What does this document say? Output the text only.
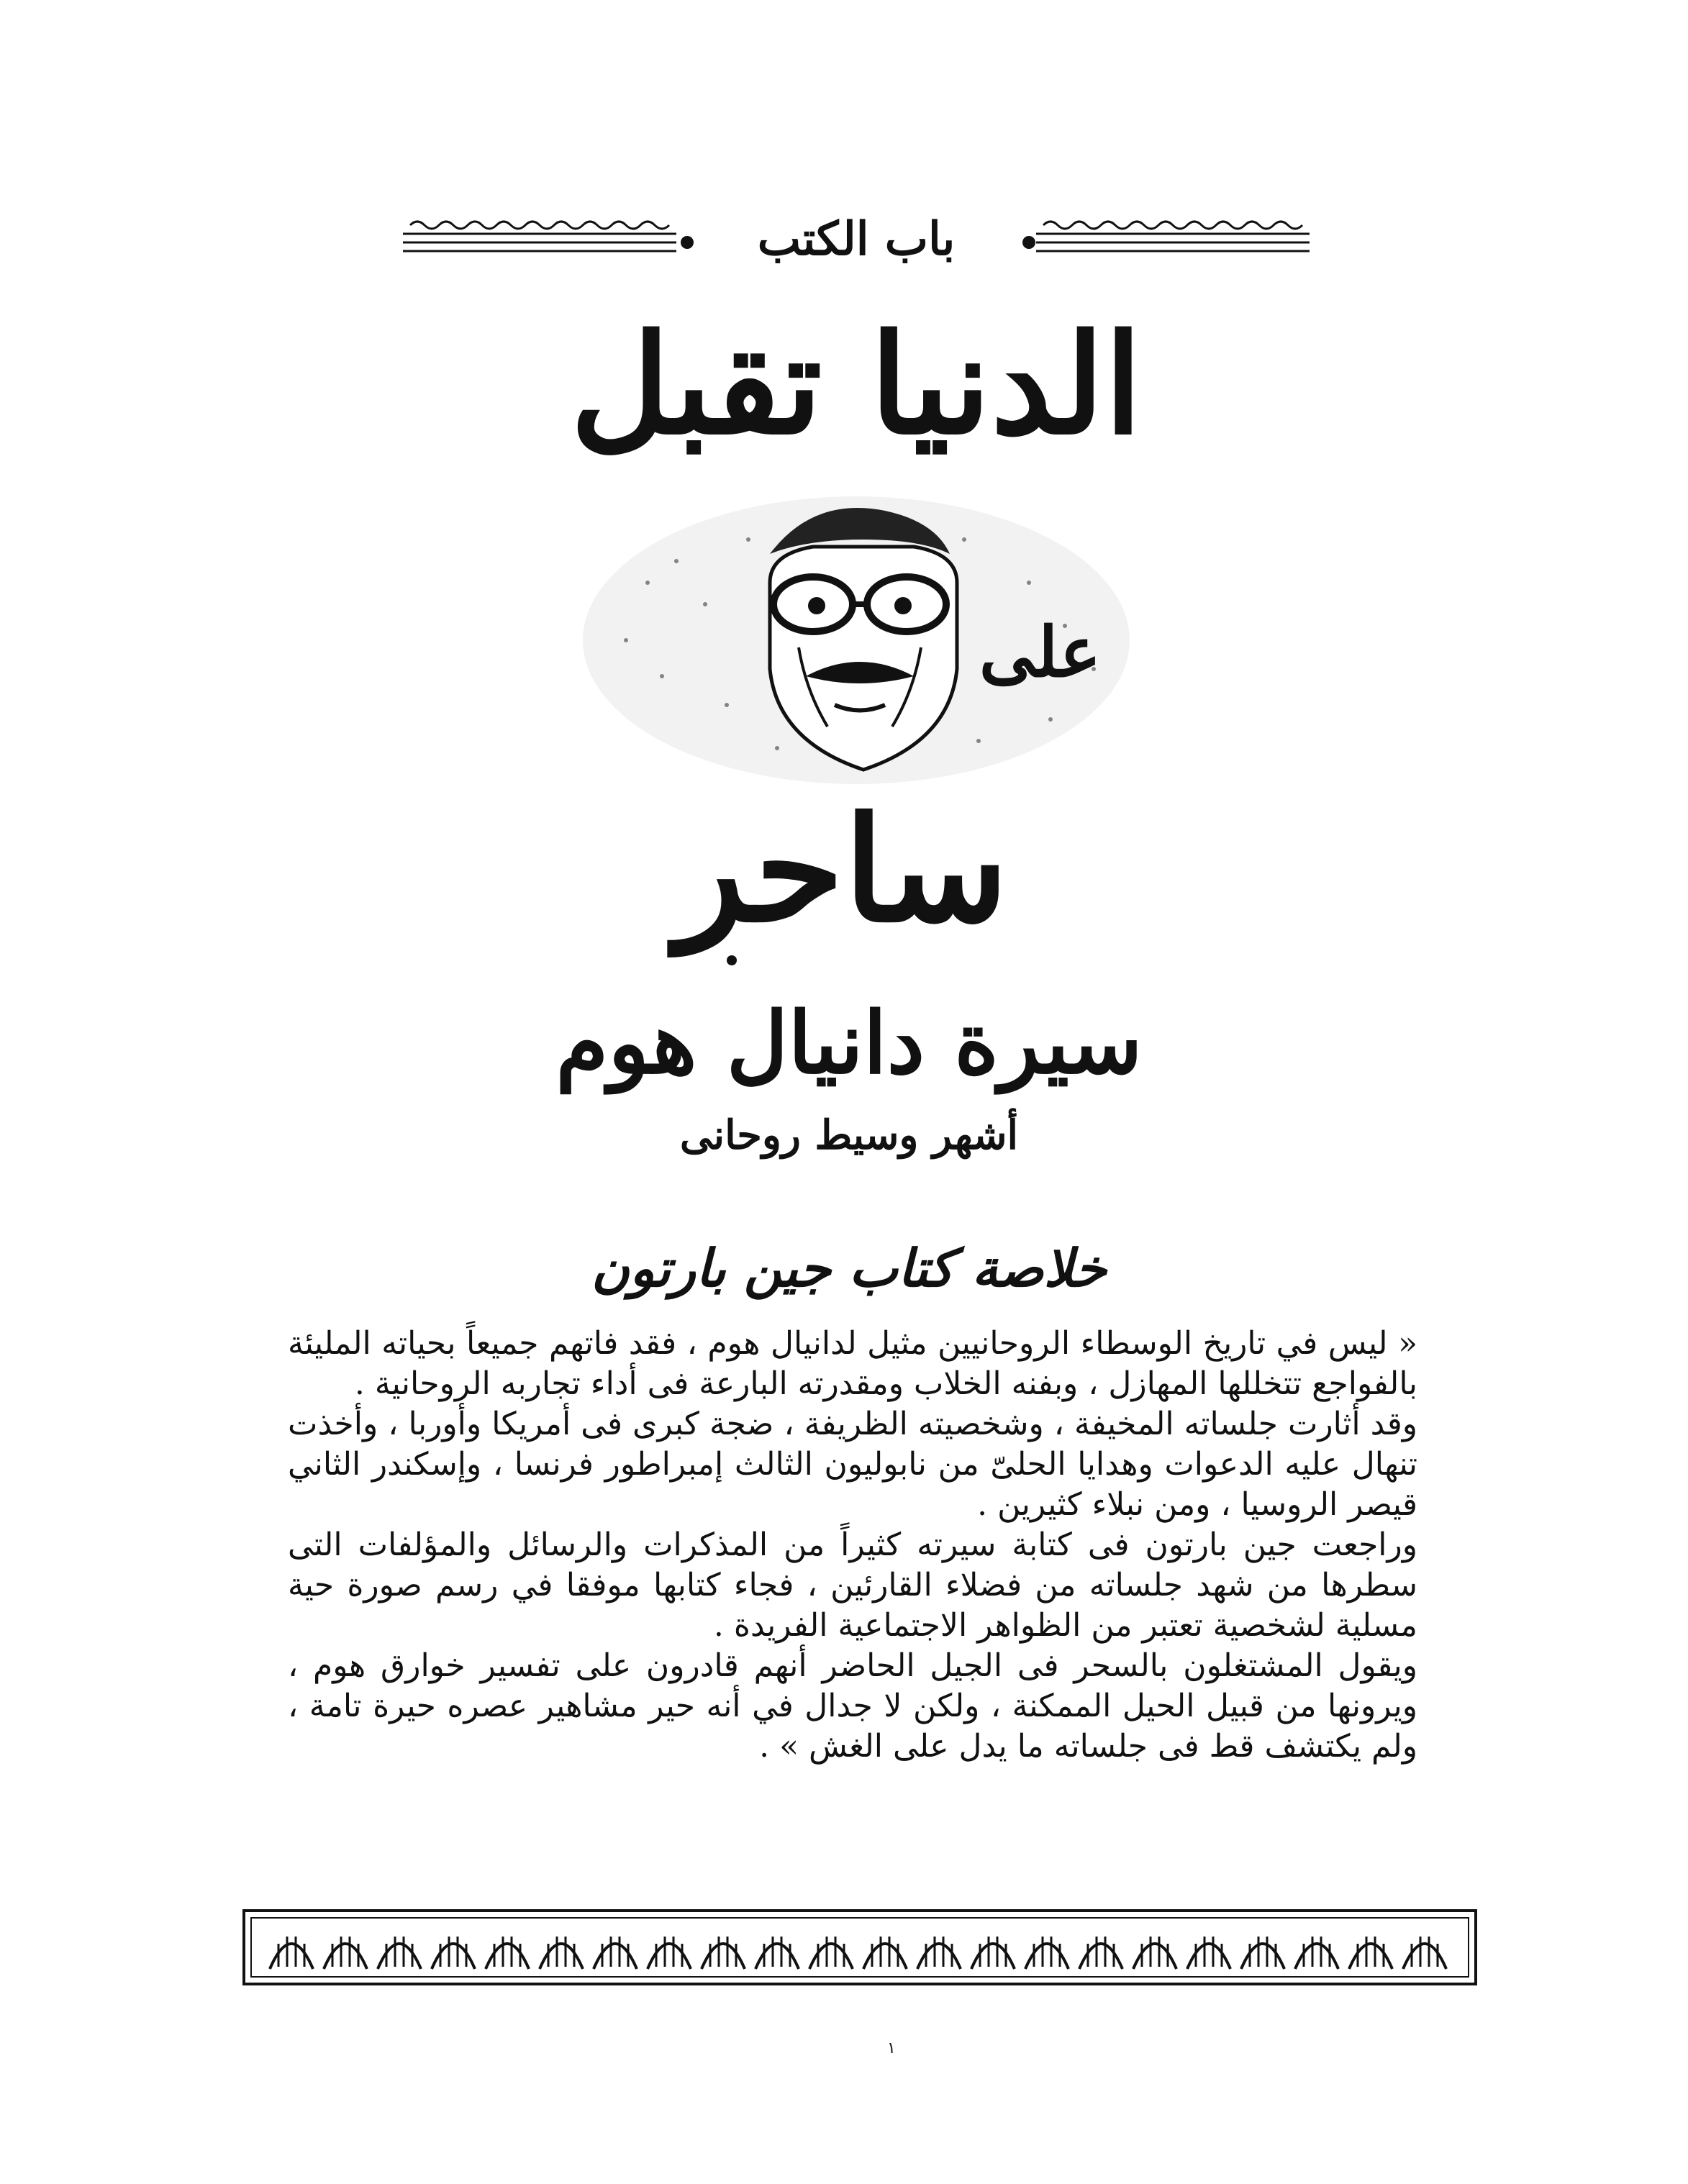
باب الكتب
الدنيا تقبل
على
ساحر
سيرة دانيال هوم
أشهر وسيط روحانى
خلاصة كتاب جين بارتون

« ليس في تاريخ الوسطاء الروحانيين مثيل لدانيال هوم ، فقد فاتهم جميعاً بحياته المليئة بالفواجع تتخللها المهازل ، وبفنه الخلاب ومقدرته البارعة فى أداء تجاربه الروحانية .

وقد أثارت جلساته المخيفة ، وشخصيته الظريفة ، ضجة كبرى فى أمريكا وأوربا ، وأخذت تنهال عليه الدعوات وهدايا الحلىّ من نابوليون الثالث إمبراطور فرنسا ، وإسكندر الثاني قيصر الروسيا ، ومن نبلاء كثيرين .

وراجعت جين بارتون فى كتابة سيرته كثيراً من المذكرات والرسائل والمؤلفات التى سطرها من شهد جلساته من فضلاء القارئين ، فجاء كتابها موفقا في رسم صورة حية مسلية لشخصية تعتبر من الظواهر الاجتماعية الفريدة .

ويقول المشتغلون بالسحر فى الجيل الحاضر أنهم قادرون على تفسير خوارق هوم ، ويرونها من قبيل الحيل الممكنة ، ولكن لا جدال في أنه حير مشاهير عصره حيرة تامة ، ولم يكتشف قط فى جلساته ما يدل على الغش » .

١
